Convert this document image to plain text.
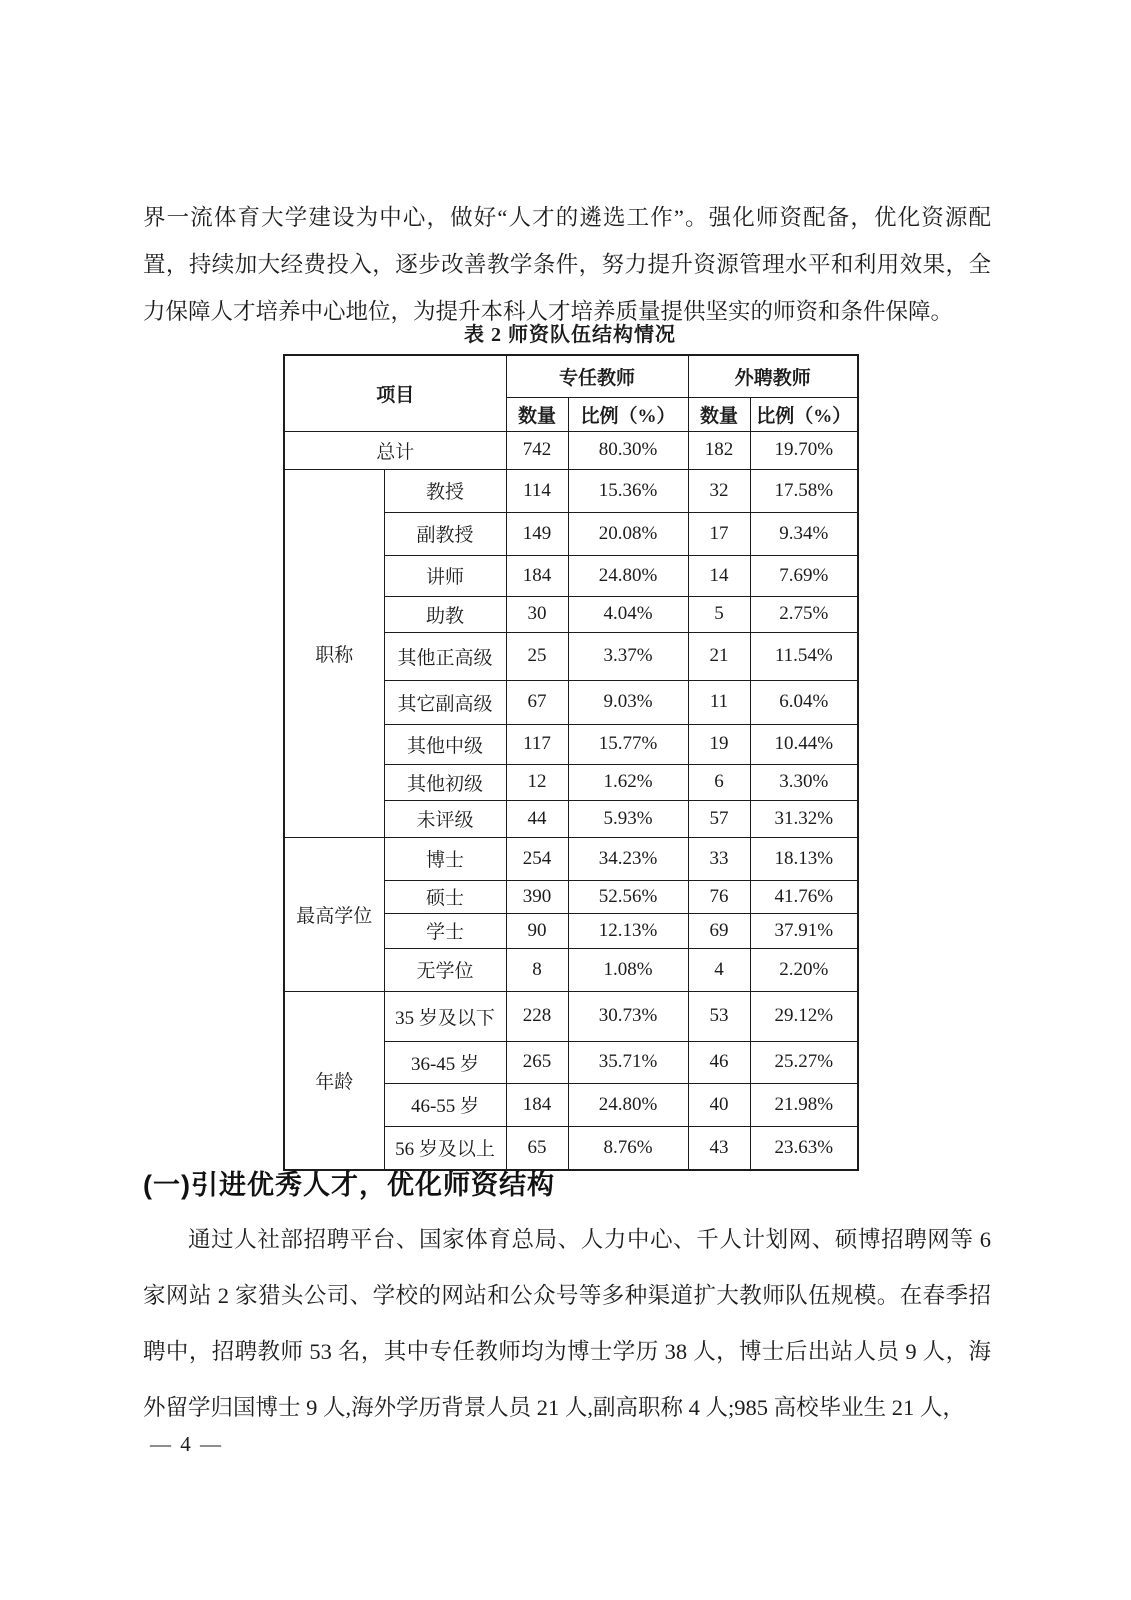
界一流体育大学建设为中心，做好“人才的遴选工作”。强化师资配备，优化资源配置，持续加大经费投入，逐步改善教学条件，努力提升资源管理水平和利用效果，全力保障人才培养中心地位，为提升本科人才培养质量提供坚实的师资和条件保障。

表 2 师资队伍结构情况
项目		专任教师		外聘教师	
		数量	比例（%）	数量	比例（%）
总计		742	80.30%	182	19.70%
职称	教授	114	15.36%	32	17.58%
	副教授	149	20.08%	17	9.34%
	讲师	184	24.80%	14	7.69%
	助教	30	4.04%	5	2.75%
	其他正高级	25	3.37%	21	11.54%
	其它副高级	67	9.03%	11	6.04%
	其他中级	117	15.77%	19	10.44%
	其他初级	12	1.62%	6	3.30%
	未评级	44	5.93%	57	31.32%
最高学位	博士	254	34.23%	33	18.13%
	硕士	390	52.56%	76	41.76%
	学士	90	12.13%	69	37.91%
	无学位	8	1.08%	4	2.20%
年龄	35 岁及以下	228	30.73%	53	29.12%
	36-45 岁	265	35.71%	46	25.27%
	46-55 岁	184	24.80%	40	21.98%
	56 岁及以上	65	8.76%	43	23.63%
(一)引进优秀人才，优化师资结构

通过人社部招聘平台、国家体育总局、人力中心、千人计划网、硕博招聘网等 6 家网站 2 家猎头公司、学校的网站和公众号等多种渠道扩大教师队伍规模。在春季招聘中，招聘教师 53 名，其中专任教师均为博士学历 38 人，博士后出站人员 9 人，海外留学归国博士 9 人,海外学历背景人员 21 人,副高职称 4 人;985 高校毕业生 21 人，

— 4 —
